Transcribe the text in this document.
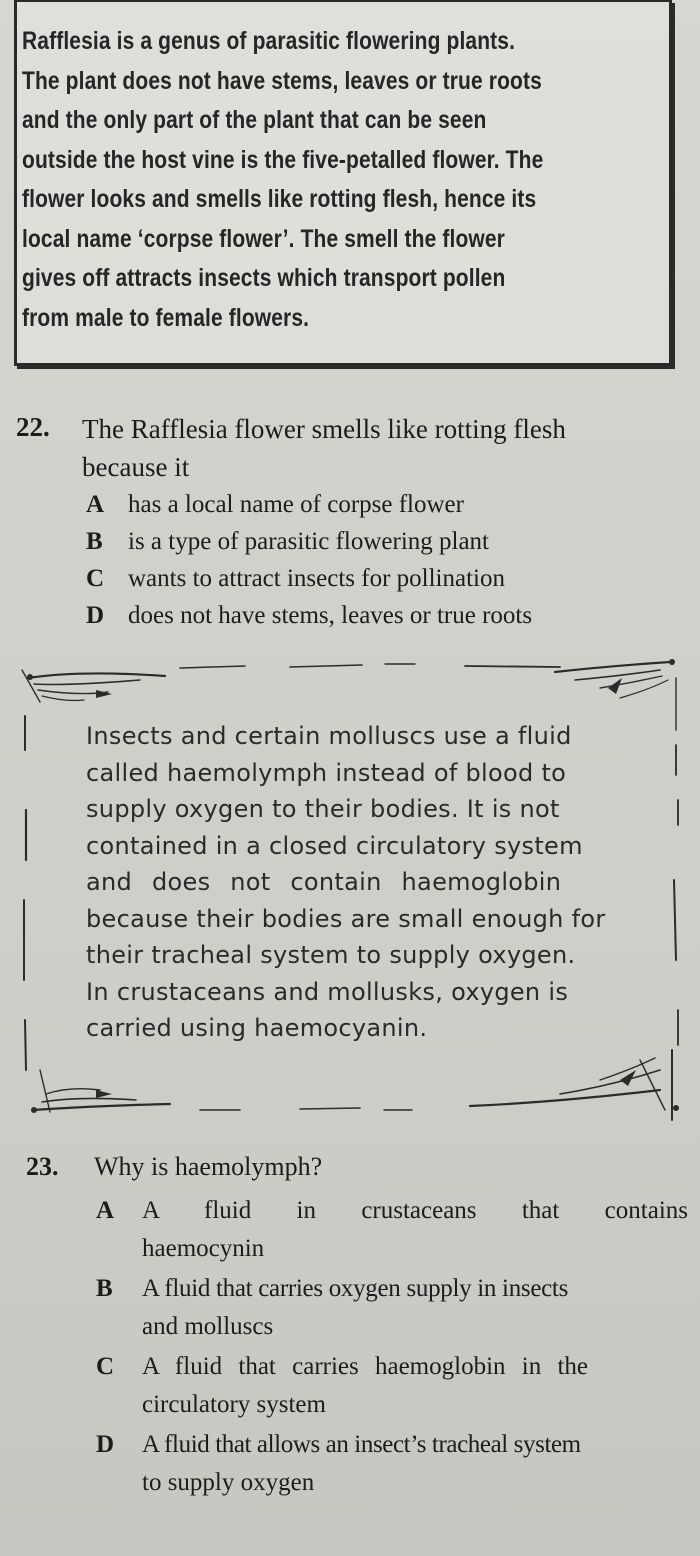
Rafflesia is a genus of parasitic flowering plants.
The plant does not have stems, leaves or true roots
and the only part of the plant that can be seen
outside the host vine is the five-petalled flower. The
flower looks and smells like rotting flesh, hence its
local name ‘corpse flower’. The smell the flower
gives off attracts insects which transport pollen
from male to female flowers.
22. The Rafflesia flower smells like rotting flesh
because it
A has a local name of corpse flower
B is a type of parasitic flowering plant
C wants to attract insects for pollination
D does not have stems, leaves or true roots

Insects and certain molluscs use a fluid

called haemolymph instead of blood to

supply oxygen to their bodies. It is not

contained in a closed circulatory system

and does not contain haemoglobin

because their bodies are small enough for

their tracheal system to supply oxygen.

In crustaceans and mollusks, oxygen is

carried using haemocyanin.

23. Why is haemolymph?
A A fluid in crustaceans that contains
haemocynin
B A fluid that carries oxygen supply in insects
and molluscs
C A fluid that carries haemoglobin in the
circulatory system
D A fluid that allows an insect’s tracheal system
to supply oxygen
